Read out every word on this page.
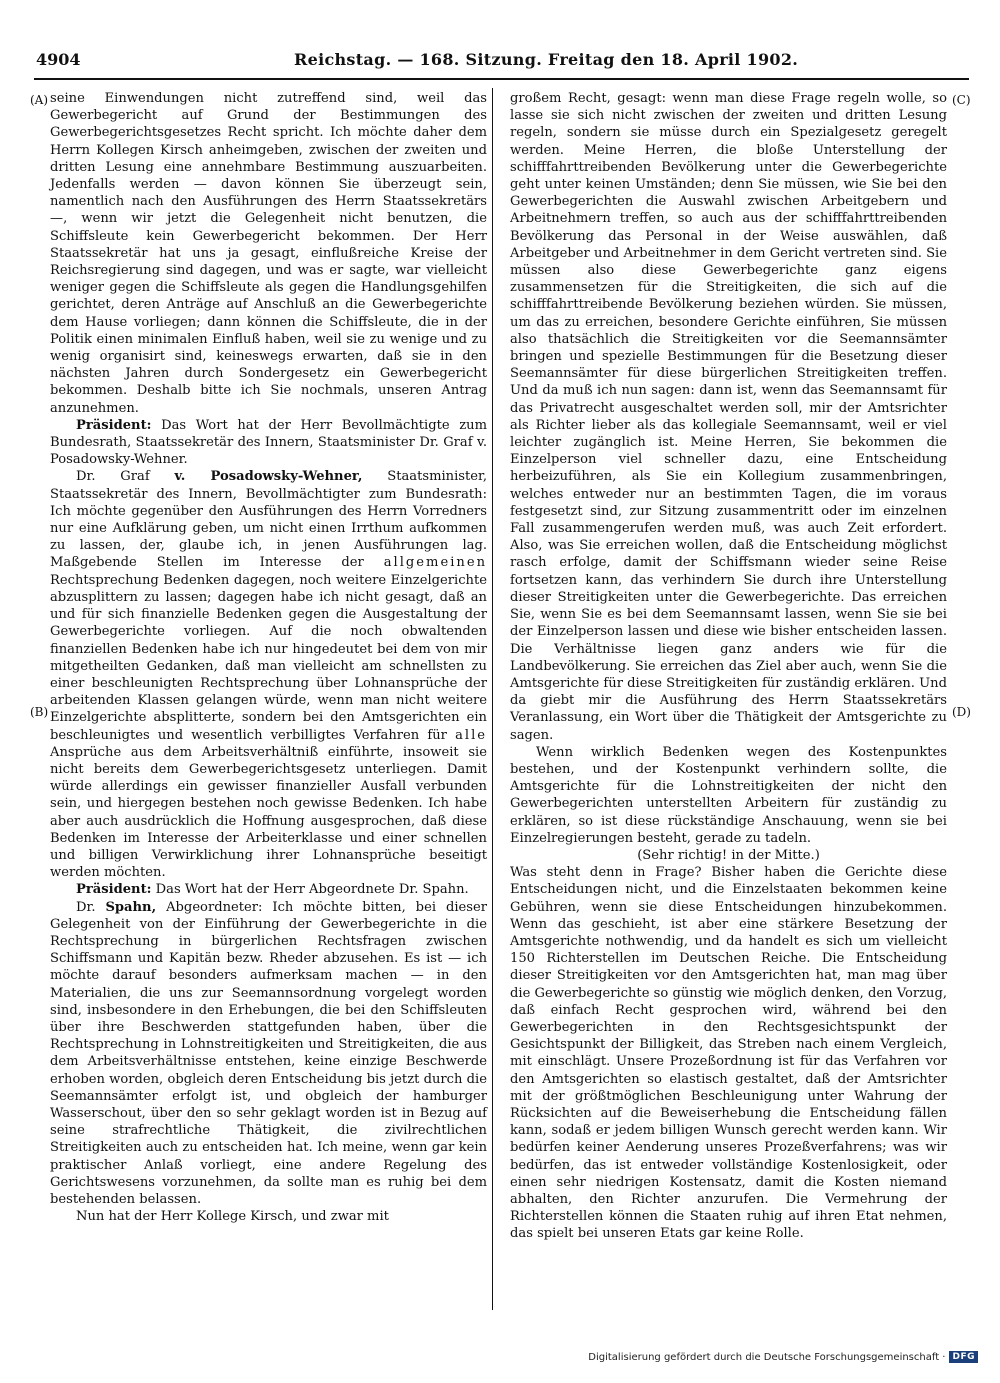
4904	Reichstag. — 168. Sitzung. Freitag den 18. April 1902.
(A)
(B)
(C)
(D)

seine Einwendungen nicht zutreffend sind, weil das Gewerbegericht auf Grund der Bestimmungen des Gewerbegerichtsgesetzes Recht spricht. Ich möchte daher dem Herrn Kollegen Kirsch anheimgeben, zwischen der zweiten und dritten Lesung eine annehmbare Bestimmung auszuarbeiten. Jedenfalls werden — davon können Sie überzeugt sein, namentlich nach den Ausführungen des Herrn Staatssekretärs —, wenn wir jetzt die Gelegenheit nicht benutzen, die Schiffsleute kein Gewerbegericht bekommen. Der Herr Staatssekretär hat uns ja gesagt, einflußreiche Kreise der Reichsregierung sind dagegen, und was er sagte, war vielleicht weniger gegen die Schiffsleute als gegen die Handlungsgehilfen gerichtet, deren Anträge auf Anschluß an die Gewerbegerichte dem Hause vorliegen; dann können die Schiffsleute, die in der Politik einen minimalen Einfluß haben, weil sie zu wenige und zu wenig organisirt sind, keineswegs erwarten, daß sie in den nächsten Jahren durch Sondergesetz ein Gewerbegericht bekommen. Deshalb bitte ich Sie nochmals, unseren Antrag anzunehmen.

Präsident: Das Wort hat der Herr Bevollmächtigte zum Bundesrath, Staatssekretär des Innern, Staatsminister Dr. Graf v. Posadowsky-Wehner.

Dr. Graf v. Posadowsky-Wehner, Staatsminister, Staatssekretär des Innern, Bevollmächtigter zum Bundesrath: Ich möchte gegenüber den Ausführungen des Herrn Vorredners nur eine Aufklärung geben, um nicht einen Irrthum aufkommen zu lassen, der, glaube ich, in jenen Ausführungen lag. Maßgebende Stellen im Interesse der allgemeinen Rechtsprechung Bedenken dagegen, noch weitere Einzelgerichte abzusplittern zu lassen; dagegen habe ich nicht gesagt, daß an und für sich finanzielle Bedenken gegen die Ausgestaltung der Gewerbegerichte vorliegen. Auf die noch obwaltenden finanziellen Bedenken habe ich nur hingedeutet bei dem von mir mitgetheilten Gedanken, daß man vielleicht am schnellsten zu einer beschleunigten Rechtsprechung über Lohnansprüche der arbeitenden Klassen gelangen würde, wenn man nicht weitere Einzelgerichte absplitterte, sondern bei den Amtsgerichten ein beschleunigtes und wesentlich verbilligtes Verfahren für alle Ansprüche aus dem Arbeitsverhältniß einführte, insoweit sie nicht bereits dem Gewerbegerichtsgesetz unterliegen. Damit würde allerdings ein gewisser finanzieller Ausfall verbunden sein, und hiergegen bestehen noch gewisse Bedenken. Ich habe aber auch ausdrücklich die Hoffnung ausgesprochen, daß diese Bedenken im Interesse der Arbeiterklasse und einer schnellen und billigen Verwirklichung ihrer Lohnansprüche beseitigt werden möchten.

Präsident: Das Wort hat der Herr Abgeordnete Dr. Spahn.

Dr. Spahn, Abgeordneter: Ich möchte bitten, bei dieser Gelegenheit von der Einführung der Gewerbegerichte in die Rechtsprechung in bürgerlichen Rechtsfragen zwischen Schiffsmann und Kapitän bezw. Rheder abzusehen. Es ist — ich möchte darauf besonders aufmerksam machen — in den Materialien, die uns zur Seemannsordnung vorgelegt worden sind, insbesondere in den Erhebungen, die bei den Schiffsleuten über ihre Beschwerden stattgefunden haben, über die Rechtsprechung in Lohnstreitigkeiten und Streitigkeiten, die aus dem Arbeitsverhältnisse entstehen, keine einzige Beschwerde erhoben worden, obgleich deren Entscheidung bis jetzt durch die Seemannsämter erfolgt ist, und obgleich der hamburger Wasserschout, über den so sehr geklagt worden ist in Bezug auf seine strafrechtliche Thätigkeit, die zivilrechtlichen Streitigkeiten auch zu entscheiden hat. Ich meine, wenn gar kein praktischer Anlaß vorliegt, eine andere Regelung des Gerichtswesens vorzunehmen, da sollte man es ruhig bei dem bestehenden belassen.

Nun hat der Herr Kollege Kirsch, und zwar mit

großem Recht, gesagt: wenn man diese Frage regeln wolle, so lasse sie sich nicht zwischen der zweiten und dritten Lesung regeln, sondern sie müsse durch ein Spezialgesetz geregelt werden. Meine Herren, die bloße Unterstellung der schifffahrttreibenden Bevölkerung unter die Gewerbegerichte geht unter keinen Umständen; denn Sie müssen, wie Sie bei den Gewerbegerichten die Auswahl zwischen Arbeitgebern und Arbeitnehmern treffen, so auch aus der schifffahrttreibenden Bevölkerung das Personal in der Weise auswählen, daß Arbeitgeber und Arbeitnehmer in dem Gericht vertreten sind. Sie müssen also diese Gewerbegerichte ganz eigens zusammensetzen für die Streitigkeiten, die sich auf die schifffahrttreibende Bevölkerung beziehen würden. Sie müssen, um das zu erreichen, besondere Gerichte einführen, Sie müssen also thatsächlich die Streitigkeiten vor die Seemannsämter bringen und spezielle Bestimmungen für die Besetzung dieser Seemannsämter für diese bürgerlichen Streitigkeiten treffen. Und da muß ich nun sagen: dann ist, wenn das Seemannsamt für das Privatrecht ausgeschaltet werden soll, mir der Amtsrichter als Richter lieber als das kollegiale Seemannsamt, weil er viel leichter zugänglich ist. Meine Herren, Sie bekommen die Einzelperson viel schneller dazu, eine Entscheidung herbeizuführen, als Sie ein Kollegium zusammenbringen, welches entweder nur an bestimmten Tagen, die im voraus festgesetzt sind, zur Sitzung zusammentritt oder im einzelnen Fall zusammengerufen werden muß, was auch Zeit erfordert. Also, was Sie erreichen wollen, daß die Entscheidung möglichst rasch erfolge, damit der Schiffsmann wieder seine Reise fortsetzen kann, das verhindern Sie durch ihre Unterstellung dieser Streitigkeiten unter die Gewerbegerichte. Das erreichen Sie, wenn Sie es bei dem Seemannsamt lassen, wenn Sie sie bei der Einzelperson lassen und diese wie bisher entscheiden lassen. Die Verhältnisse liegen ganz anders wie für die Landbevölkerung. Sie erreichen das Ziel aber auch, wenn Sie die Amtsgerichte für diese Streitigkeiten für zuständig erklären. Und da giebt mir die Ausführung des Herrn Staatssekretärs Veranlassung, ein Wort über die Thätigkeit der Amtsgerichte zu sagen.

Wenn wirklich Bedenken wegen des Kostenpunktes bestehen, und der Kostenpunkt verhindern sollte, die Amtsgerichte für die Lohnstreitigkeiten der nicht den Gewerbegerichten unterstellten Arbeitern für zuständig zu erklären, so ist diese rückständige Anschauung, wenn sie bei Einzelregierungen besteht, gerade zu tadeln.

(Sehr richtig! in der Mitte.)

Was steht denn in Frage? Bisher haben die Gerichte diese Entscheidungen nicht, und die Einzelstaaten bekommen keine Gebühren, wenn sie diese Entscheidungen hinzubekommen. Wenn das geschieht, ist aber eine stärkere Besetzung der Amtsgerichte nothwendig, und da handelt es sich um vielleicht 150 Richterstellen im Deutschen Reiche. Die Entscheidung dieser Streitigkeiten vor den Amtsgerichten hat, man mag über die Gewerbegerichte so günstig wie möglich denken, den Vorzug, daß einfach Recht gesprochen wird, während bei den Gewerbegerichten in den Rechtsgesichtspunkt der Gesichtspunkt der Billigkeit, das Streben nach einem Vergleich, mit einschlägt. Unsere Prozeßordnung ist für das Verfahren vor den Amtsgerichten so elastisch gestaltet, daß der Amtsrichter mit der größtmöglichen Beschleunigung unter Wahrung der Rücksichten auf die Beweiserhebung die Entscheidung fällen kann, sodaß er jedem billigen Wunsch gerecht werden kann. Wir bedürfen keiner Aenderung unseres Prozeßverfahrens; was wir bedürfen, das ist entweder vollständige Kostenlosigkeit, oder einen sehr niedrigen Kostensatz, damit die Kosten niemand abhalten, den Richter anzurufen. Die Vermehrung der Richterstellen können die Staaten ruhig auf ihren Etat nehmen, das spielt bei unseren Etats gar keine Rolle.

Digitalisierung gefördert durch die Deutsche Forschungsgemeinschaft · DFG
